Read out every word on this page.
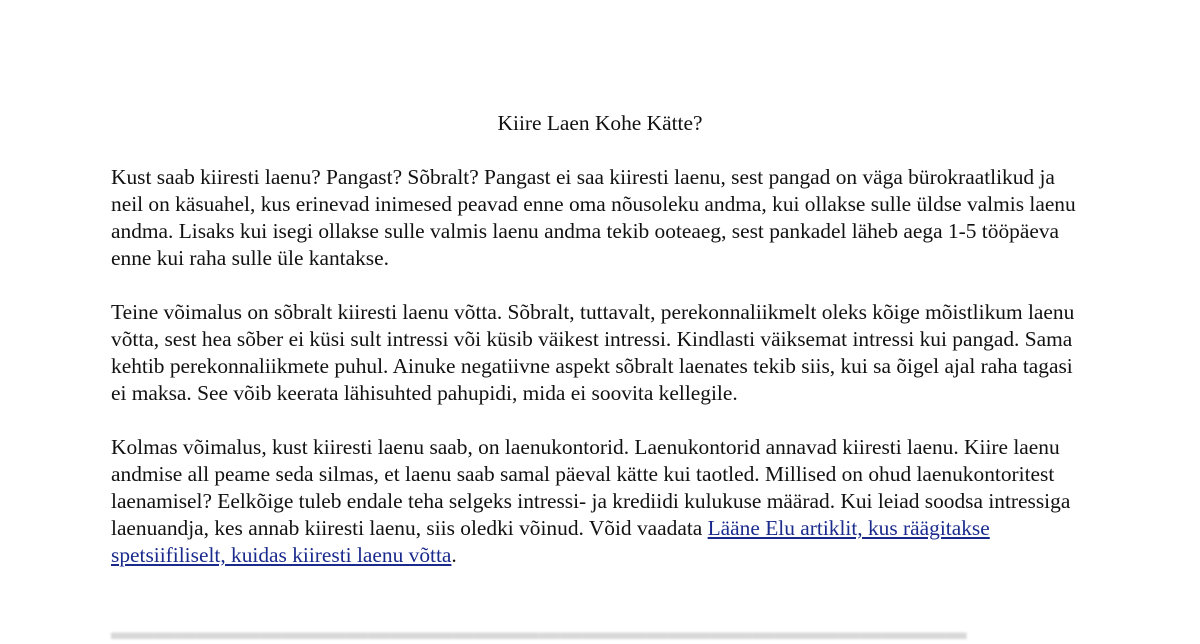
Kiire Laen Kohe Kätte?

Kust saab kiiresti laenu? Pangast? Sõbralt? Pangast ei saa kiiresti laenu, sest pangad on väga bürokraatlikud ja neil on käsuahel, kus erinevad inimesed peavad enne oma nõusoleku andma, kui ollakse sulle üldse valmis laenu andma. Lisaks kui isegi ollakse sulle valmis laenu andma tekib ooteaeg, sest pankadel läheb aega 1-5 tööpäeva enne kui raha sulle üle kantakse.

Teine võimalus on sõbralt kiiresti laenu võtta. Sõbralt, tuttavalt, perekonnaliikmelt oleks kõige mõistlikum laenu võtta, sest hea sõber ei küsi sult intressi või küsib väikest intressi. Kindlasti väiksemat intressi kui pangad. Sama kehtib perekonnaliikmete puhul. Ainuke negatiivne aspekt sõbralt laenates tekib siis, kui sa õigel ajal raha tagasi ei maksa. See võib keerata lähisuhted pahupidi, mida ei soovita kellegile.

Kolmas võimalus, kust kiiresti laenu saab, on laenukontorid. Laenukontorid annavad kiiresti laenu. Kiire laenu andmise all peame seda silmas, et laenu saab samal päeval kätte kui taotled. Millised on ohud laenukontoritest laenamisel? Eelkõige tuleb endale teha selgeks intressi- ja krediidi kulukuse määrad. Kui leiad soodsa intressiga laenuandja, kes annab kiiresti laenu, siis oledki võinud. Võid vaadata Lääne Elu artiklit, kus räägitakse spetsiifiliselt, kuidas kiiresti laenu võtta.

▬▬▬▬▬▬▬▬▬▬▬▬▬▬▬▬▬▬▬▬▬▬▬▬▬▬▬▬▬▬▬▬▬▬▬▬▬▬▬▬
